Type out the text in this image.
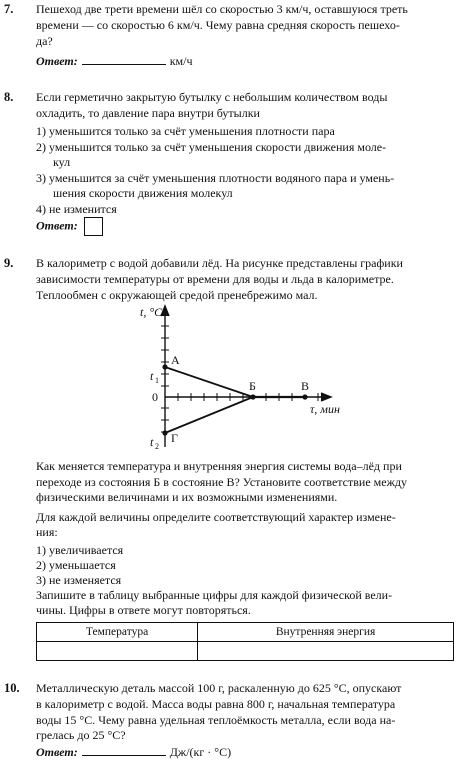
7. Пешеход две трети времени шёл со скоростью 3 км/ч, оставшуюся треть
времени — со скоростью 6 км/ч. Чему равна средняя скорость пешехо-
да?
Ответ:	км/ч
8. Если герметично закрытую бутылку с небольшим количеством воды
охладить, то давление пара внутри бутылки
1) уменьшится только за счёт уменьшения плотности пара
2) уменьшится только за счёт уменьшения скорости движения моле-
кул
3) уменьшится за счёт уменьшения плотности водяного пара и умень-
шения скорости движения молекул
4) не изменится
Ответ:
9. В калориметр с водой добавили лёд. На рисунке представлены графики
зависимости температуры от времени для воды и льда в калориметре.
Теплообмен с окружающей средой пренебрежимо мал.
t, °C
τ, мин
t 1
t 2
0
А
Б	В
Г
Как меняется температура и внутренняя энергия системы вода–лёд при
переходе из состояния Б в состояние В? Установите соответствие между
физическими величинами и их возможными изменениями.
Для каждой величины определите соответствующий характер измене-
ния:
1) увеличивается
2) уменьшается
3) не изменяется
Запишите в таблицу выбранные цифры для каждой физической вели-
чины. Цифры в ответе могут повторяться.
Температура	Внутренняя энергия

10. Металлическую деталь массой 100 г, раскаленную до 625 °С, опускают
в калориметр с водой. Масса воды равна 800 г, начальная температура
воды 15 °С. Чему равна удельная теплоёмкость металла, если вода на-
грелась до 25 °С?
Ответ:	Дж/(кг · °С)
